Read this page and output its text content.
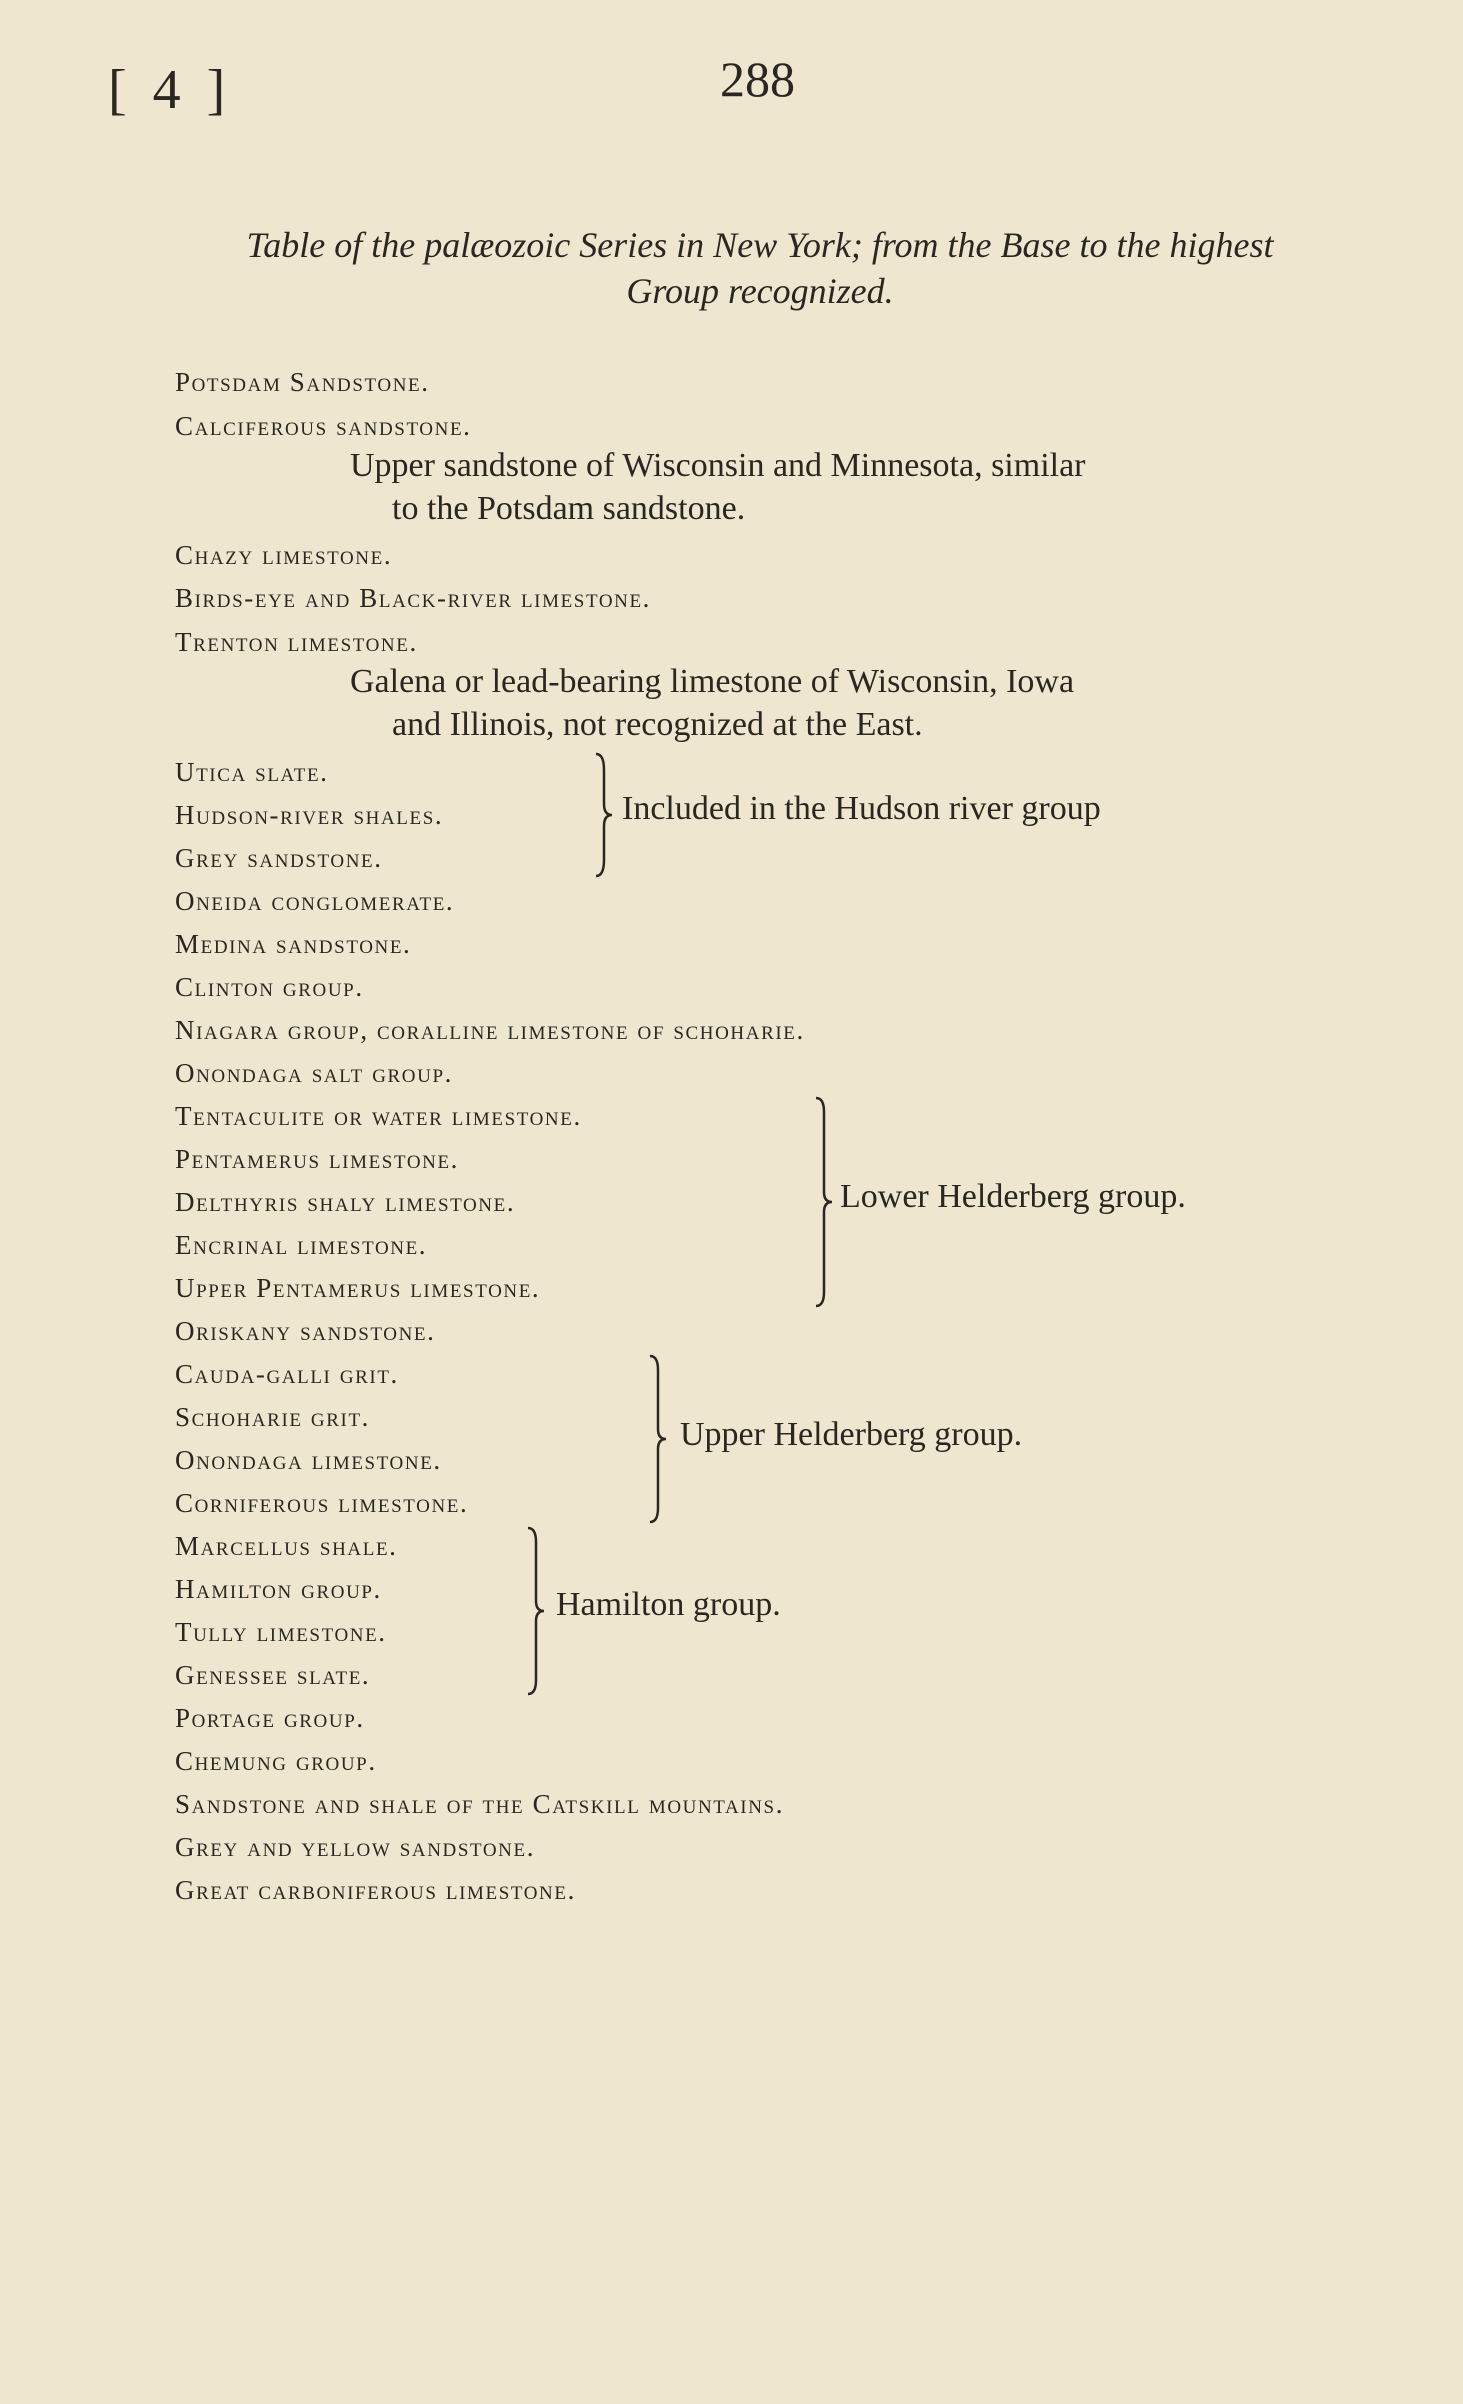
[ 4 ]	288
Table of the palæozoic Series in New York; from the Base to the highest
Group recognized.
Potsdam Sandstone.
Calciferous sandstone.
Upper sandstone of Wisconsin and Minnesota, similar
to the Potsdam sandstone.
Chazy limestone.
Birds-eye and Black-river limestone.
Trenton limestone.
Galena or lead-bearing limestone of Wisconsin, Iowa
and Illinois, not recognized at the East.
Utica slate.
Hudson-river shales.
Grey sandstone.
Oneida conglomerate.
Medina sandstone.
Clinton group.
Niagara group, coralline limestone of schoharie.
Onondaga salt group.
Tentaculite or water limestone.
Pentamerus limestone.
Delthyris shaly limestone.
Encrinal limestone.
Upper Pentamerus limestone.
Oriskany sandstone.
Cauda-galli grit.
Schoharie grit.
Onondaga limestone.
Corniferous limestone.
Marcellus shale.
Hamilton group.
Tully limestone.
Genessee slate.
Portage group.
Chemung group.
Sandstone and shale of the Catskill mountains.
Grey and yellow sandstone.
Great carboniferous limestone.
Included in the Hudson river group
Lower Helderberg group.
Upper Helderberg group.
Hamilton group.
